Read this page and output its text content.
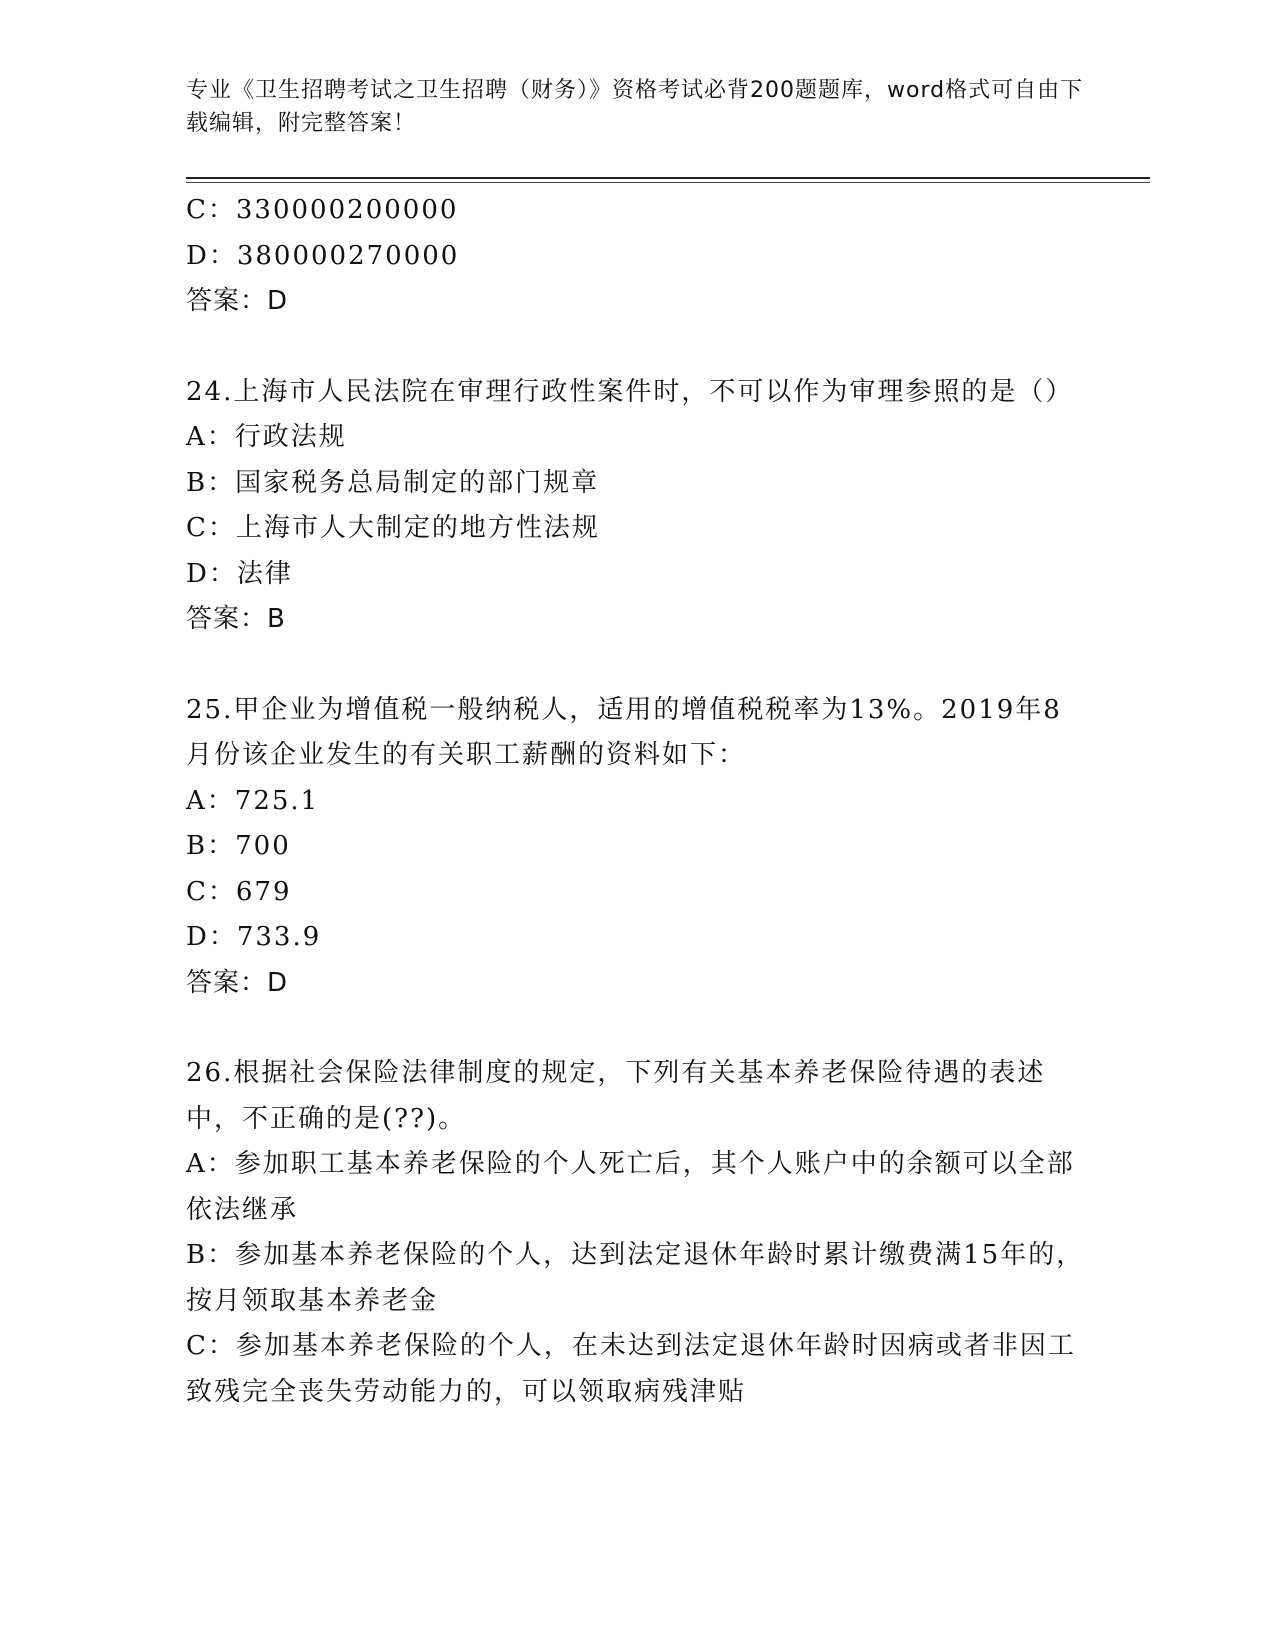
专业《卫生招聘考试之卫生招聘（财务）》资格考试必背200题题库，word格式可自由下载编辑，附完整答案！

C：330000200000

D：380000270000

答案：D

24.上海市人民法院在审理行政性案件时，不可以作为审理参照的是（）

A：行政法规

B：国家税务总局制定的部门规章

C：上海市人大制定的地方性法规

D：法律

答案：B

25.甲企业为增值税一般纳税人，适用的增值税税率为13%。2019年8月份该企业发生的有关职工薪酬的资料如下：

A：725.1

B：700

C：679

D：733.9

答案：D

26.根据社会保险法律制度的规定，下列有关基本养老保险待遇的表述中，不正确的是(??)。

A：参加职工基本养老保险的个人死亡后，其个人账户中的余额可以全部依法继承

B：参加基本养老保险的个人，达到法定退休年龄时累计缴费满15年的，按月领取基本养老金

C：参加基本养老保险的个人，在未达到法定退休年龄时因病或者非因工致残完全丧失劳动能力的，可以领取病残津贴
